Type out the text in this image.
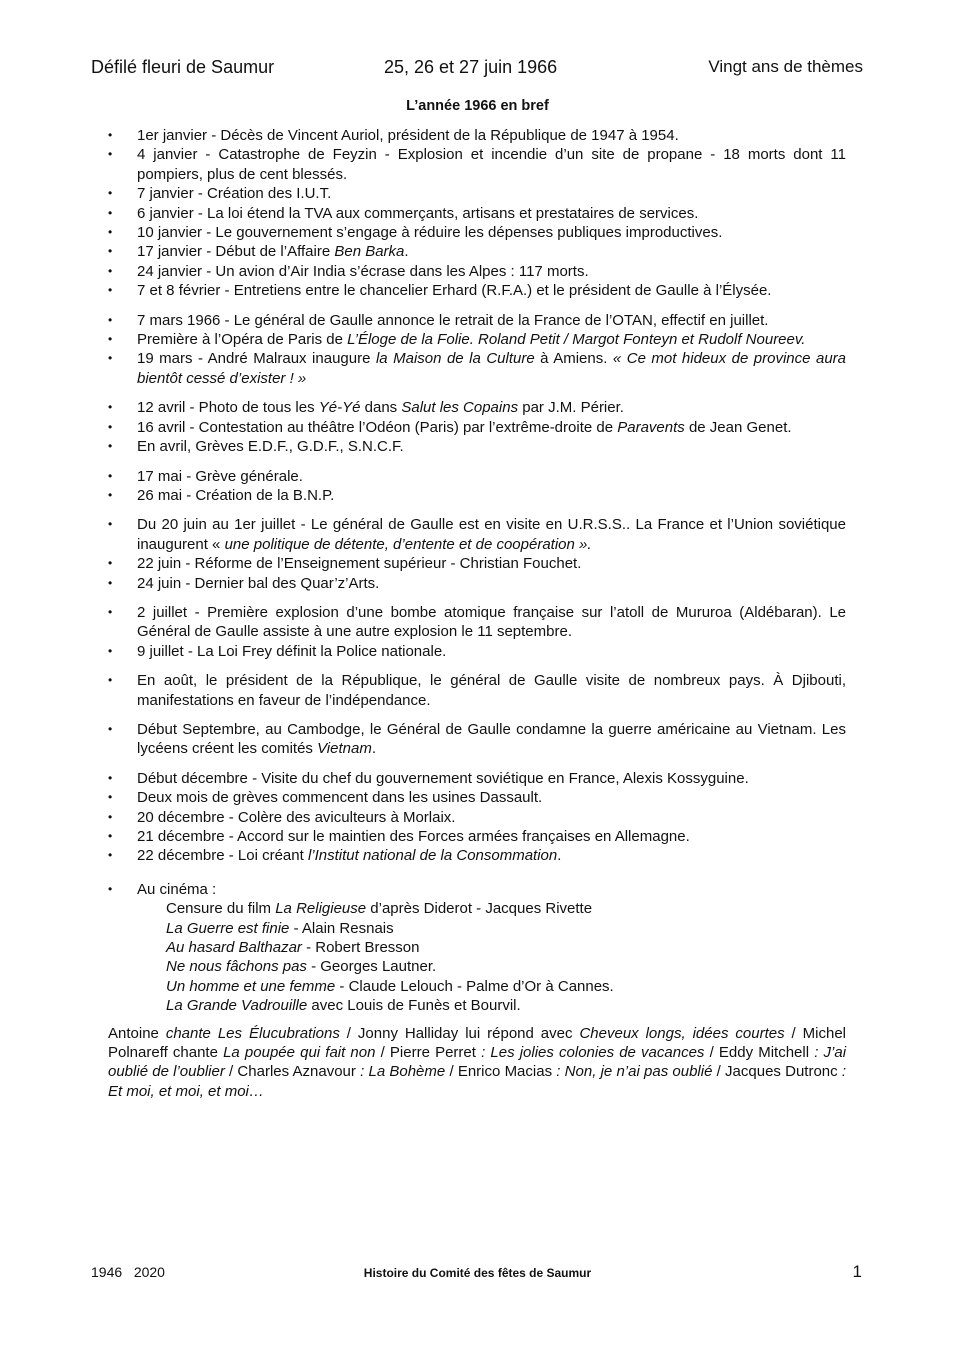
Défilé fleuri de Saumur	25, 26 et 27 juin 1966	Vingt ans de thèmes
L’année 1966 en bref
• 1er janvier - Décès de Vincent Auriol, président de la République de 1947 à 1954.
• 4 janvier - Catastrophe de Feyzin - Explosion et incendie d’un site de propane - 18 morts dont 11 pompiers, plus de cent blessés.
• 7 janvier - Création des I.U.T.
• 6 janvier - La loi étend la TVA aux commerçants, artisans et prestataires de services.
• 10 janvier - Le gouvernement s’engage à réduire les dépenses publiques improductives.
• 17 janvier - Début de l’Affaire Ben Barka.
• 24 janvier - Un avion d’Air India s’écrase dans les Alpes : 117 morts.
• 7 et 8 février - Entretiens entre le chancelier Erhard (R.F.A.) et le président de Gaulle à l’Élysée.
• 7 mars 1966 - Le général de Gaulle annonce le retrait de la France de l’OTAN, effectif en juillet.
• Première à l’Opéra de Paris de L’Éloge de la Folie. Roland Petit / Margot Fonteyn et Rudolf Noureev.
• 19 mars - André Malraux inaugure la Maison de la Culture à Amiens. « Ce mot hideux de province aura bientôt cessé d’exister ! »
• 12 avril - Photo de tous les Yé-Yé dans Salut les Copains par J.M. Périer.
• 16 avril - Contestation au théâtre l’Odéon (Paris) par l’extrême-droite de Paravents de Jean Genet.
• En avril, Grèves E.D.F., G.D.F., S.N.C.F.
• 17 mai - Grève générale.
• 26 mai - Création de la B.N.P.
• Du 20 juin au 1er juillet - Le général de Gaulle est en visite en U.R.S.S.. La France et l’Union soviétique inaugurent « une politique de détente, d’entente et de coopération ».
• 22 juin - Réforme de l’Enseignement supérieur - Christian Fouchet.
• 24 juin - Dernier bal des Quar’z’Arts.
• 2 juillet - Première explosion d’une bombe atomique française sur l’atoll de Mururoa (Aldébaran). Le Général de Gaulle assiste à une autre explosion le 11 septembre.
• 9 juillet - La Loi Frey définit la Police nationale.
• En août, le président de la République, le général de Gaulle visite de nombreux pays. À Djibouti, manifestations en faveur de l’indépendance.
• Début Septembre, au Cambodge, le Général de Gaulle condamne la guerre américaine au Vietnam. Les lycéens créent les comités Vietnam.
• Début décembre - Visite du chef du gouvernement soviétique en France, Alexis Kossyguine.
• Deux mois de grèves commencent dans les usines Dassault.
• 20 décembre - Colère des aviculteurs à Morlaix.
• 21 décembre - Accord sur le maintien des Forces armées françaises en Allemagne.
• 22 décembre - Loi créant l’Institut national de la Consommation.
• Au cinéma :
Censure du film La Religieuse d’après Diderot - Jacques Rivette
La Guerre est finie - Alain Resnais
Au hasard Balthazar - Robert Bresson
Ne nous fâchons pas - Georges Lautner.
Un homme et une femme - Claude Lelouch - Palme d’Or à Cannes.
La Grande Vadrouille avec Louis de Funès et Bourvil.
Antoine chante Les Élucubrations / Jonny Halliday lui répond avec Cheveux longs, idées courtes / Michel Polnareff chante La poupée qui fait non / Pierre Perret : Les jolies colonies de vacances / Eddy Mitchell : J’ai oublié de l’oublier / Charles Aznavour : La Bohème / Enrico Macias : Non, je n’ai pas oublié / Jacques Dutronc : Et moi, et moi, et moi…
1946   2020	Histoire du Comité des fêtes de Saumur	1
